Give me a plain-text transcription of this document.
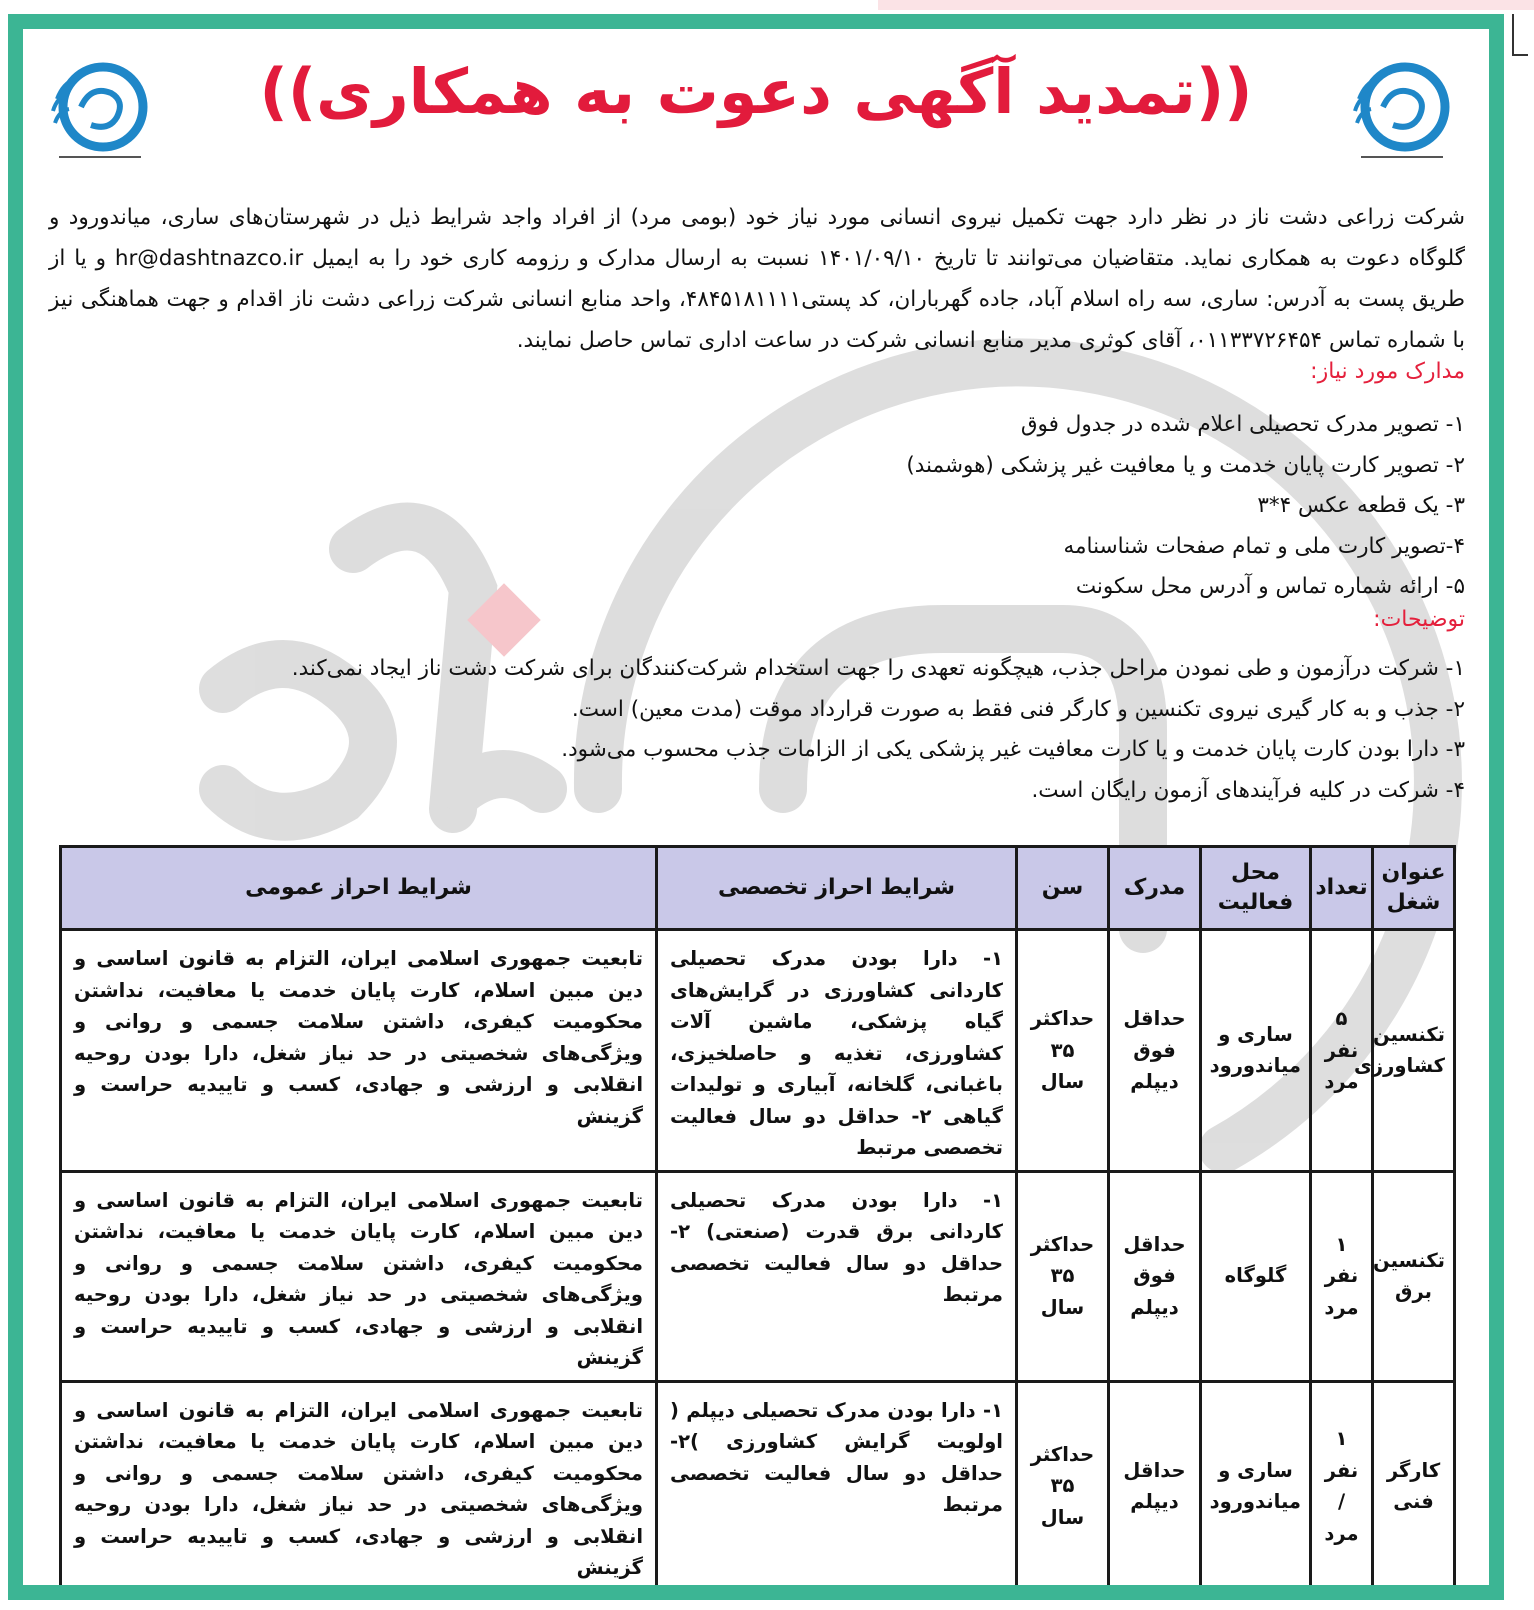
((تمدید آگهی دعوت به همکاری))
شرکت زراعی دشت ناز در نظر دارد جهت تکمیل نیروی انسانی مورد نیاز خود (بومی مرد) از افراد واجد شرایط ذیل در شهرستان‌های ساری، میاندورود و گلوگاه دعوت به همکاری نماید. متقاضیان می‌توانند تا تاریخ ۱۴۰۱/۰۹/۱۰ نسبت به ارسال مدارک و رزومه کاری خود را به ایمیل hr@dashtnazco.ir و یا از طریق پست به آدرس: ساری، سه راه اسلام آباد، جاده گهرباران، کد پستی۴۸۴۵۱۸۱۱۱۱، واحد منابع انسانی شرکت زراعی دشت ناز اقدام و جهت هماهنگی نیز با شماره تماس ۰۱۱۳۳۷۲۶۴۵۴، آقای کوثری مدیر منابع انسانی شرکت در ساعت اداری تماس حاصل نمایند.
مدارک مورد نیاز:
۱- تصویر مدرک تحصیلی اعلام شده در جدول فوق
۲- تصویر کارت پایان خدمت و یا معافیت غیر پزشکی (هوشمند)
۳- یک قطعه عکس ۴*۳
۴-تصویر کارت ملی و تمام صفحات شناسنامه
۵- ارائه شماره تماس و آدرس محل سکونت
توضیحات:
۱- شرکت درآزمون و طی نمودن مراحل جذب، هیچگونه تعهدی را جهت استخدام شرکت‌کنندگان برای شرکت دشت ناز ایجاد نمی‌کند.
۲- جذب و به کار گیری نیروی تکنسین و کارگر فنی فقط به صورت قرارداد موقت (مدت معین) است.
۳- دارا بودن کارت پایان خدمت و یا کارت معافیت غیر پزشکی یکی از الزامات جذب محسوب می‌شود.
۴- شرکت در کلیه فرآیندهای آزمون رایگان است.
عنوان شغل	تعداد	محل فعالیت	مدرک	سن	شرایط احراز تخصصی	شرایط احراز عمومی
تکنسین کشاورزی	۵ نفر مرد	ساری و میاندورود	حداقل فوق دیپلم	حداکثر ۳۵ سال	۱- دارا بودن مدرک تحصیلی کاردانی کشاورزی در گرایش‌های گیاه پزشکی، ماشین آلات کشاورزی، تغذیه و حاصلخیزی، باغبانی، گلخانه، آبیاری و تولیدات گیاهی ۲- حداقل دو سال فعالیت تخصصی مرتبط	تابعیت جمهوری اسلامی ایران، التزام به قانون اساسی و دین مبین اسلام، کارت پایان خدمت یا معافیت، نداشتن محکومیت کیفری، داشتن سلامت جسمی و روانی و ویژگی‌های شخصیتی در حد نیاز شغل، دارا بودن روحیه انقلابی و ارزشی و جهادی، کسب و تاییدیه حراست و گزینش
تکنسین برق	۱ نفر مرد	گلوگاه	حداقل فوق دیپلم	حداکثر ۳۵ سال	۱- دارا بودن مدرک تحصیلی کاردانی برق قدرت (صنعتی) ۲- حداقل دو سال فعالیت تخصصی مرتبط	تابعیت جمهوری اسلامی ایران، التزام به قانون اساسی و دین مبین اسلام، کارت پایان خدمت یا معافیت، نداشتن محکومیت کیفری، داشتن سلامت جسمی و روانی و ویژگی‌های شخصیتی در حد نیاز شغل، دارا بودن روحیه انقلابی و ارزشی و جهادی، کسب و تاییدیه حراست و گزینش
کارگر فنی	۱ نفر / مرد	ساری و میاندورود	حداقل دیپلم	حداکثر ۳۵ سال	۱- دارا بودن مدرک تحصیلی دیپلم ( اولویت گرایش کشاورزی )۲- حداقل دو سال فعالیت تخصصی مرتبط	تابعیت جمهوری اسلامی ایران، التزام به قانون اساسی و دین مبین اسلام، کارت پایان خدمت یا معافیت، نداشتن محکومیت کیفری، داشتن سلامت جسمی و روانی و ویژگی‌های شخصیتی در حد نیاز شغل، دارا بودن روحیه انقلابی و ارزشی و جهادی، کسب و تاییدیه حراست و گزینش
